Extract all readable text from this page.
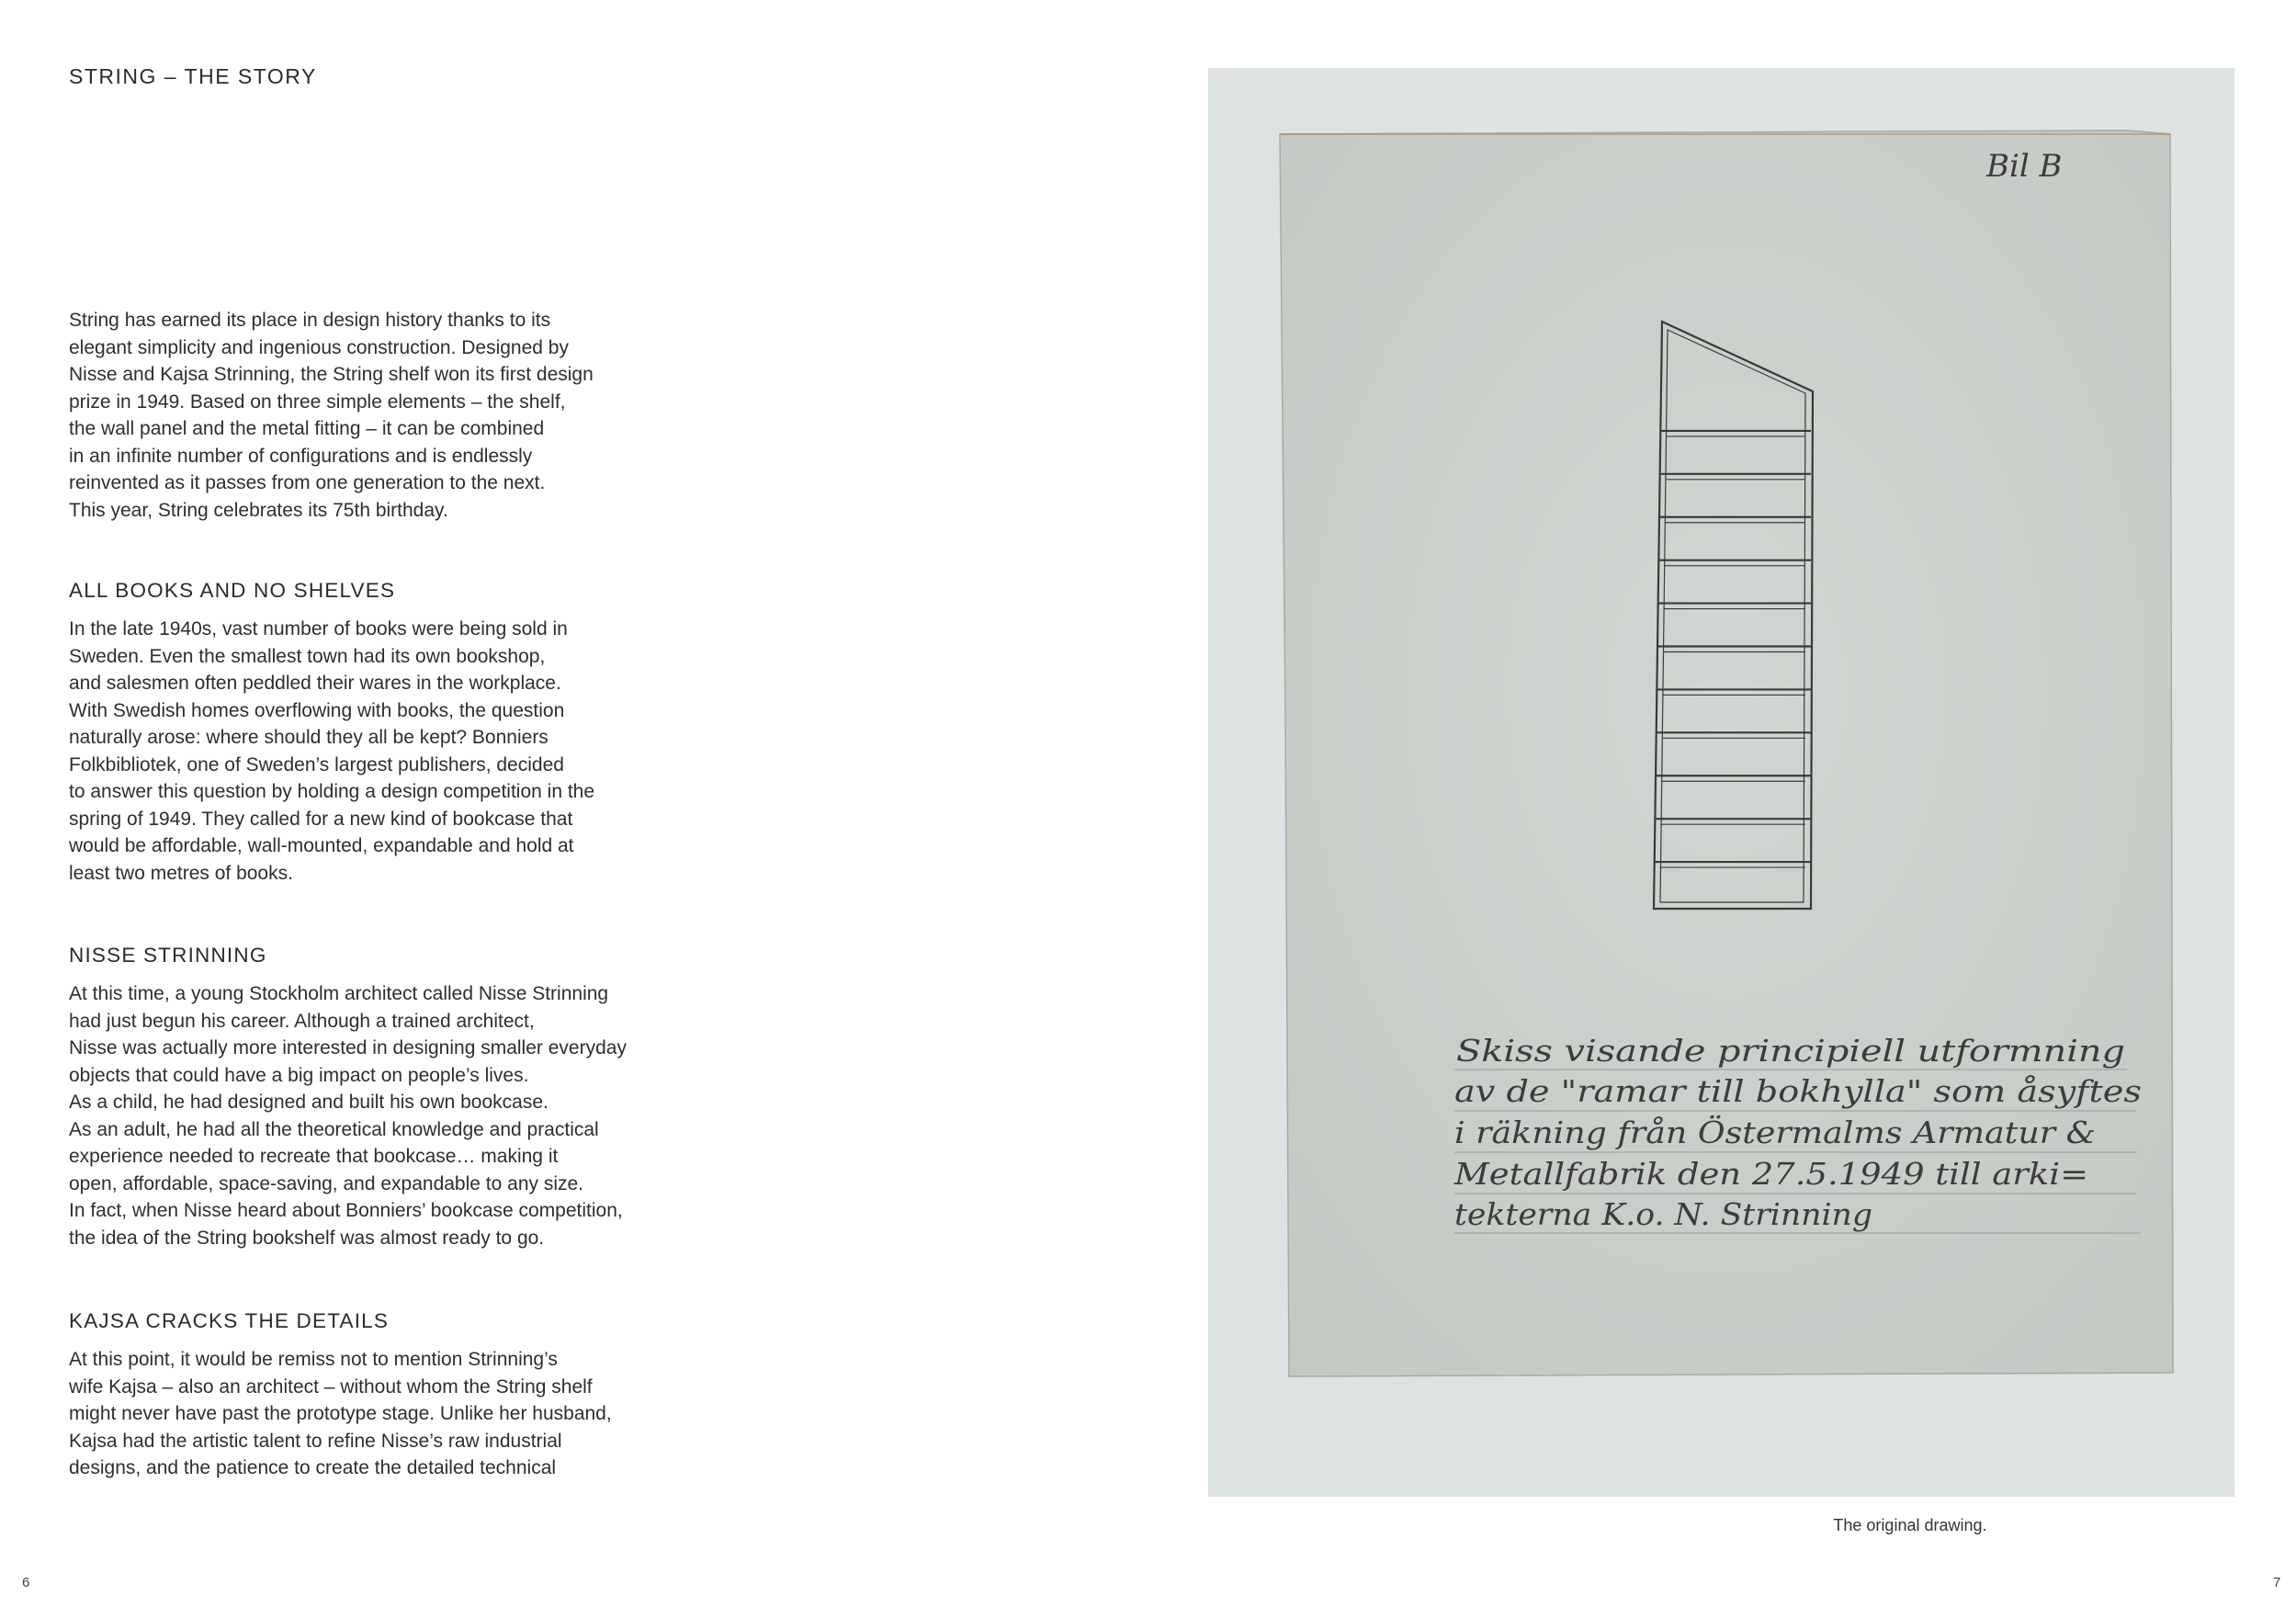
STRING – THE STORY

String has earned its place in design history thanks to its
elegant simplicity and ingenious construction. Designed by
Nisse and Kajsa Strinning, the String shelf won its first design
prize in 1949. Based on three simple elements – the shelf,
the wall panel and the metal fitting – it can be combined
in an infinite number of configurations and is endlessly
reinvented as it passes from one generation to the next.
This year, String celebrates its 75th birthday.

ALL BOOKS AND NO SHELVES

In the late 1940s, vast number of books were being sold in
Sweden. Even the smallest town had its own bookshop,
and salesmen often peddled their wares in the workplace.
With Swedish homes overflowing with books, the question
naturally arose: where should they all be kept? Bonniers
Folkbibliotek, one of Sweden’s largest publishers, decided
to answer this question by holding a design competition in the
spring of 1949. They called for a new kind of bookcase that
would be affordable, wall-mounted, expandable and hold at
least two metres of books.

NISSE STRINNING

At this time, a young Stockholm architect called Nisse Strinning
had just begun his career. Although a trained architect,
Nisse was actually more interested in designing smaller everyday
objects that could have a big impact on people’s lives.
As a child, he had designed and built his own bookcase.
As an adult, he had all the theoretical knowledge and practical
experience needed to recreate that bookcase… making it
open, affordable, space-saving, and expandable to any size.
In fact, when Nisse heard about Bonniers’ bookcase competition,
the idea of the String bookshelf was almost ready to go.

KAJSA CRACKS THE DETAILS

At this point, it would be remiss not to mention Strinning’s
wife Kajsa – also an architect – without whom the String shelf
might never have past the prototype stage. Unlike her husband,
Kajsa had the artistic talent to refine Nisse’s raw industrial
designs, and the patience to create the detailed technical

6

Bil B
Skiss visande principiell utformning
av de "ramar till bokhylla" som åsyftes
i räkning från Östermalms Armatur &
Metallfabrik den 27.5.1949 till arki=
tekterna K.o. N. Strinning

The original drawing.

7
